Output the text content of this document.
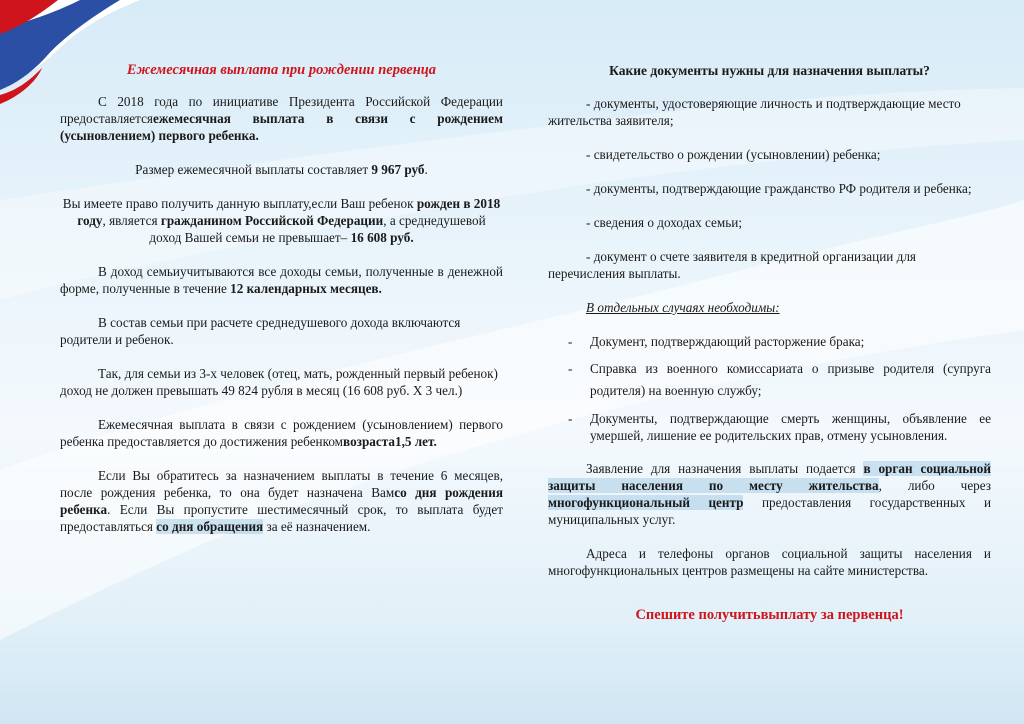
Ежемесячная выплата при рождении первенца

С 2018 года по инициативе Президента Российской Федерации предоставляетсяежемесячная выплата в связи с рождением (усыновлением) первого ребенка.

Размер ежемесячной выплаты составляет 9 967 руб.

Вы имеете право получить данную выплату,если Ваш ребенок рожден в 2018 году, является гражданином Российской Федерации, а среднедушевой доход Вашей семьи не превышает– 16 608 руб.

В доход семьиучитываются все доходы семьи, полученные в денежной форме, полученные в течение 12 календарных месяцев.

В состав семьи при расчете среднедушевого дохода включаются родители и ребенок.

Так, для семьи из 3-х человек (отец, мать, рожденный первый ребенок) доход не должен превышать 49 824 рубля в месяц (16 608 руб. Х 3 чел.)

Ежемесячная выплата в связи с рождением (усыновлением) первого ребенка предоставляется до достижения ребенкомвозраста1,5 лет.

Если Вы обратитесь за назначением выплаты в течение 6 месяцев, после рождения ребенка, то она будет назначена Вамсо дня рождения ребенка. Если Вы пропустите шестимесячный срок, то выплата будет предоставляться со дня обращения за её назначением.

Какие документы нужны для назначения выплаты?

- документы, удостоверяющие личность и подтверждающие место жительства заявителя;

- свидетельство о рождении (усыновлении) ребенка;

- документы, подтверждающие гражданство РФ родителя и ребенка;

- сведения о доходах семьи;

- документ о счете заявителя в кредитной организации для перечисления выплаты.

В отдельных случаях необходимы:

- Документ, подтверждающий расторжение брака;
- Справка из военного комиссариата о призыве родителя (супруга родителя) на военную службу;
- Документы, подтверждающие смерть женщины, объявление ее умершей, лишение ее родительских прав, отмену усыновления.

Заявление для назначения выплаты подается в орган социальной защиты населения по месту жительства, либо через многофункциональный центр предоставления государственных и муниципальных услуг.

Адреса и телефоны органов социальной защиты населения и многофункциональных центров размещены на сайте министерства.

Спешите получитьвыплату за первенца!
